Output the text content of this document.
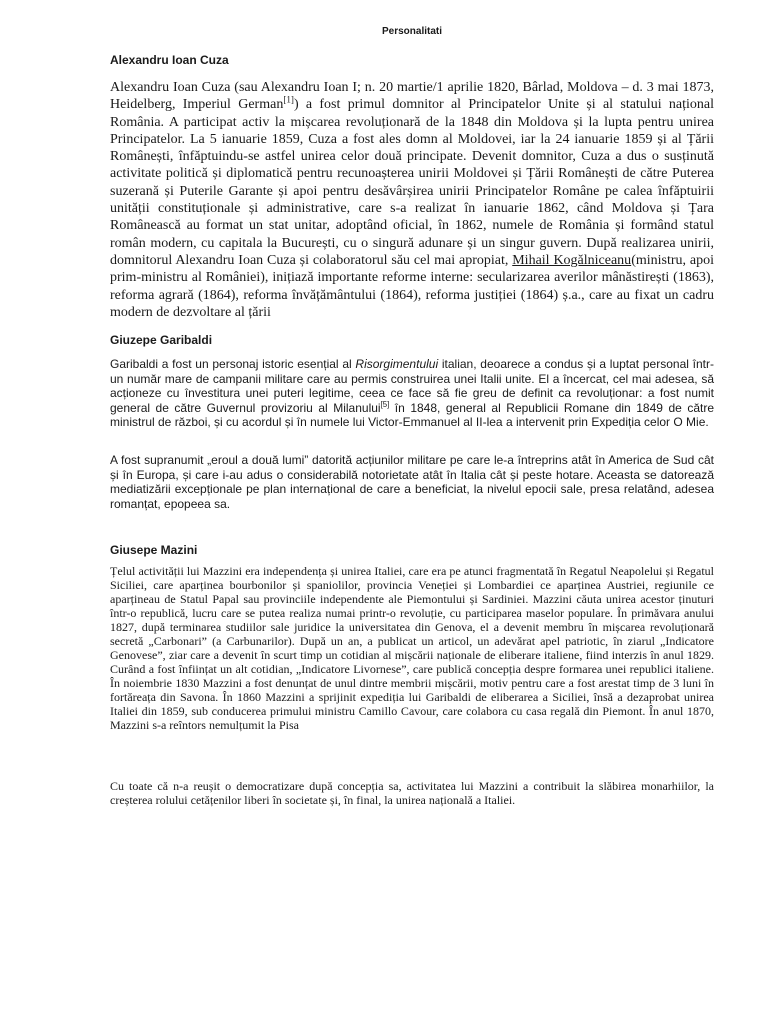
Personalitati
Alexandru Ioan Cuza

Alexandru Ioan Cuza (sau Alexandru Ioan I; n. 20 martie/1 aprilie 1820, Bârlad, Moldova – d. 3 mai 1873, Heidelberg, Imperiul German[1]) a fost primul domnitor al Principatelor Unite și al statului național România. A participat activ la mișcarea revoluționară de la 1848 din Moldova și la lupta pentru unirea Principatelor. La 5 ianuarie 1859, Cuza a fost ales domn al Moldovei, iar la 24 ianuarie 1859 și al Țării Românești, înfăptuindu-se astfel unirea celor două principate. Devenit domnitor, Cuza a dus o susținută activitate politică și diplomatică pentru recunoașterea unirii Moldovei și Țării Românești de către Puterea suzerană și Puterile Garante și apoi pentru desăvârșirea unirii Principatelor Române pe calea înfăptuirii unității constituționale și administrative, care s-a realizat în ianuarie 1862, când Moldova și Țara Românească au format un stat unitar, adoptând oficial, în 1862, numele de România și formând statul român modern, cu capitala la București, cu o singură adunare și un singur guvern. După realizarea unirii, domnitorul Alexandru Ioan Cuza și colaboratorul său cel mai apropiat, Mihail Kogălniceanu(ministru, apoi prim-ministru al României), inițiază importante reforme interne: secularizarea averilor mânăstirești (1863), reforma agrară (1864), reforma învățământului (1864), reforma justiției (1864) ș.a., care au fixat un cadru modern de dezvoltare al țării

Giuzepe Garibaldi

Garibaldi a fost un personaj istoric esențial al Risorgimentului italian, deoarece a condus și a luptat personal într-un număr mare de campanii militare care au permis construirea unei Italii unite. El a încercat, cel mai adesea, să acționeze cu învestitura unei puteri legitime, ceea ce face să fie greu de definit ca revoluționar: a fost numit general de către Guvernul provizoriu al Milanului[5] în 1848, general al Republicii Romane din 1849 de către ministrul de război, și cu acordul și în numele lui Victor-Emmanuel al II-lea a intervenit prin Expediția celor O Mie.

A fost supranumit „eroul a două lumi” datorită acțiunilor militare pe care le-a întreprins atât în America de Sud cât și în Europa, și care i-au adus o considerabilă notorietate atât în Italia cât și peste hotare. Aceasta se datorează mediatizării excepționale pe plan internațional de care a beneficiat, la nivelul epocii sale, presa relatând, adesea romanțat, epopeea sa.

Giusepe Mazini

Țelul activității lui Mazzini era independența și unirea Italiei, care era pe atunci fragmentată în Regatul Neapolelui și Regatul Siciliei, care aparținea bourbonilor și spaniolilor, provincia Veneției și Lombardiei ce aparținea Austriei, regiunile ce aparțineau de Statul Papal sau provinciile independente ale Piemontului și Sardiniei. Mazzini căuta unirea acestor ținuturi într-o republică, lucru care se putea realiza numai printr-o revoluție, cu participarea maselor populare. În primăvara anului 1827, după terminarea studiilor sale juridice la universitatea din Genova, el a devenit membru în mișcarea revoluționară secretă „Carbonari” (a Carbunarilor). După un an, a publicat un articol, un adevărat apel patriotic, în ziarul „Indicatore Genovese”, ziar care a devenit în scurt timp un cotidian al mișcării naționale de eliberare italiene, fiind interzis în anul 1829. Curând a fost înființat un alt cotidian, „Indicatore Livornese”, care publică concepția despre formarea unei republici italiene. În noiembrie 1830 Mazzini a fost denunțat de unul dintre membrii mișcării, motiv pentru care a fost arestat timp de 3 luni în fortăreața din Savona. În 1860 Mazzini a sprijinit expediția lui Garibaldi de eliberarea a Siciliei, însă a dezaprobat unirea Italiei din 1859, sub conducerea primului ministru Camillo Cavour, care colabora cu casa regală din Piemont. În anul 1870, Mazzini s-a reîntors nemulțumit la Pisa

Cu toate că n-a reușit o democratizare după concepția sa, activitatea lui Mazzini a contribuit la slăbirea monarhiilor, la creșterea rolului cetățenilor liberi în societate și, în final, la unirea națională a Italiei.
